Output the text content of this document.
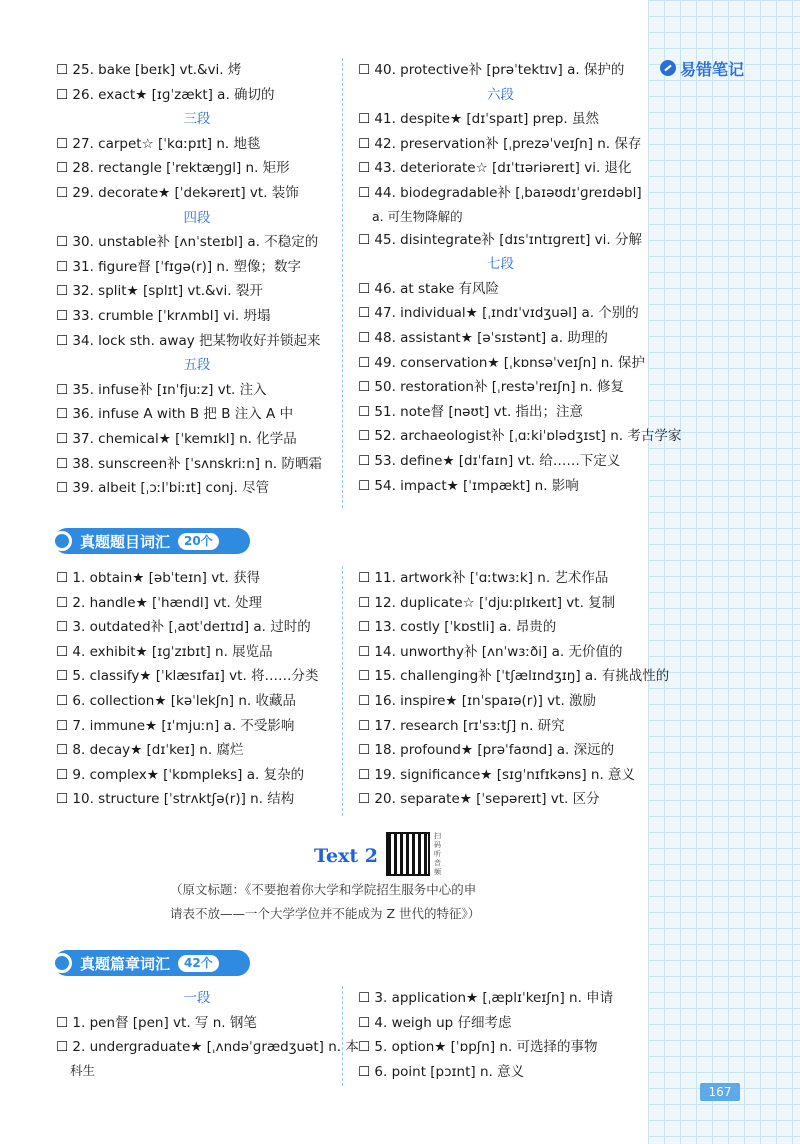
易错笔记
☐ 25. bake [beɪk] vt.&vi. 烤
☐ 26. exact★ [ɪɡˈzækt] a. 确切的
三段
☐ 27. carpet☆ [ˈkɑːpɪt] n. 地毯
☐ 28. rectangle [ˈrektæŋɡl] n. 矩形
☐ 29. decorate★ [ˈdekəreɪt] vt. 装饰
四段
☐ 30. unstable补 [ʌnˈsteɪbl] a. 不稳定的
☐ 31. figure督 [ˈfɪɡə(r)] n. 塑像；数字
☐ 32. split★ [splɪt] vt.&vi. 裂开
☐ 33. crumble [ˈkrʌmbl] vi. 坍塌
☐ 34. lock sth. away 把某物收好并锁起来
五段
☐ 35. infuse补 [ɪnˈfjuːz] vt. 注入
☐ 36. infuse A with B 把 B 注入 A 中
☐ 37. chemical★ [ˈkemɪkl] n. 化学品
☐ 38. sunscreen补 [ˈsʌnskriːn] n. 防晒霜
☐ 39. albeit [ˌɔːlˈbiːɪt] conj. 尽管
☐ 40. protective补 [prəˈtektɪv] a. 保护的
六段
☐ 41. despite★ [dɪˈspaɪt] prep. 虽然
☐ 42. preservation补 [ˌprezəˈveɪʃn] n. 保存
☐ 43. deteriorate☆ [dɪˈtɪəriəreɪt] vi. 退化
☐ 44. biodegradable补 [ˌbaɪəʊdɪˈɡreɪdəbl]
a. 可生物降解的
☐ 45. disintegrate补 [dɪsˈɪntɪɡreɪt] vi. 分解
七段
☐ 46. at stake 有风险
☐ 47. individual★ [ˌɪndɪˈvɪdʒuəl] a. 个别的
☐ 48. assistant★ [əˈsɪstənt] a. 助理的
☐ 49. conservation★ [ˌkɒnsəˈveɪʃn] n. 保护
☐ 50. restoration补 [ˌrestəˈreɪʃn] n. 修复
☐ 51. note督 [nəʊt] vt. 指出；注意
☐ 52. archaeologist补 [ˌɑːkiˈɒlədʒɪst] n. 考古学家
☐ 53. define★ [dɪˈfaɪn] vt. 给……下定义
☐ 54. impact★ [ˈɪmpækt] n. 影响
真题题目词汇	20个
☐ 1. obtain★ [əbˈteɪn] vt. 获得
☐ 2. handle★ [ˈhændl] vt. 处理
☐ 3. outdated补 [ˌaʊtˈdeɪtɪd] a. 过时的
☐ 4. exhibit★ [ɪɡˈzɪbɪt] n. 展览品
☐ 5. classify★ [ˈklæsɪfaɪ] vt. 将……分类
☐ 6. collection★ [kəˈlekʃn] n. 收藏品
☐ 7. immune★ [ɪˈmjuːn] a. 不受影响
☐ 8. decay★ [dɪˈkeɪ] n. 腐烂
☐ 9. complex★ [ˈkɒmpleks] a. 复杂的
☐ 10. structure [ˈstrʌktʃə(r)] n. 结构
☐ 11. artwork补 [ˈɑːtwɜːk] n. 艺术作品
☐ 12. duplicate☆ [ˈdjuːplɪkeɪt] vt. 复制
☐ 13. costly [ˈkɒstli] a. 昂贵的
☐ 14. unworthy补 [ʌnˈwɜːði] a. 无价值的
☐ 15. challenging补 [ˈtʃælɪndʒɪŋ] a. 有挑战性的
☐ 16. inspire★ [ɪnˈspaɪə(r)] vt. 激励
☐ 17. research [rɪˈsɜːtʃ] n. 研究
☐ 18. profound★ [prəˈfaʊnd] a. 深远的
☐ 19. significance★ [sɪɡˈnɪfɪkəns] n. 意义
☐ 20. separate★ [ˈsepəreɪt] vt. 区分
Text 2
扫码听音频
（原文标题：《不要抱着你大学和学院招生服务中心的申
请表不放——一个大学学位并不能成为 Z 世代的特征》）
真题篇章词汇	42个
一段
☐ 1. pen督 [pen] vt. 写 n. 钢笔
☐ 2. undergraduate★ [ˌʌndəˈɡrædʒuət] n. 本
科生
☐ 3. application★ [ˌæplɪˈkeɪʃn] n. 申请
☐ 4. weigh up 仔细考虑
☐ 5. option★ [ˈɒpʃn] n. 可选择的事物
☐ 6. point [pɔɪnt] n. 意义
167
